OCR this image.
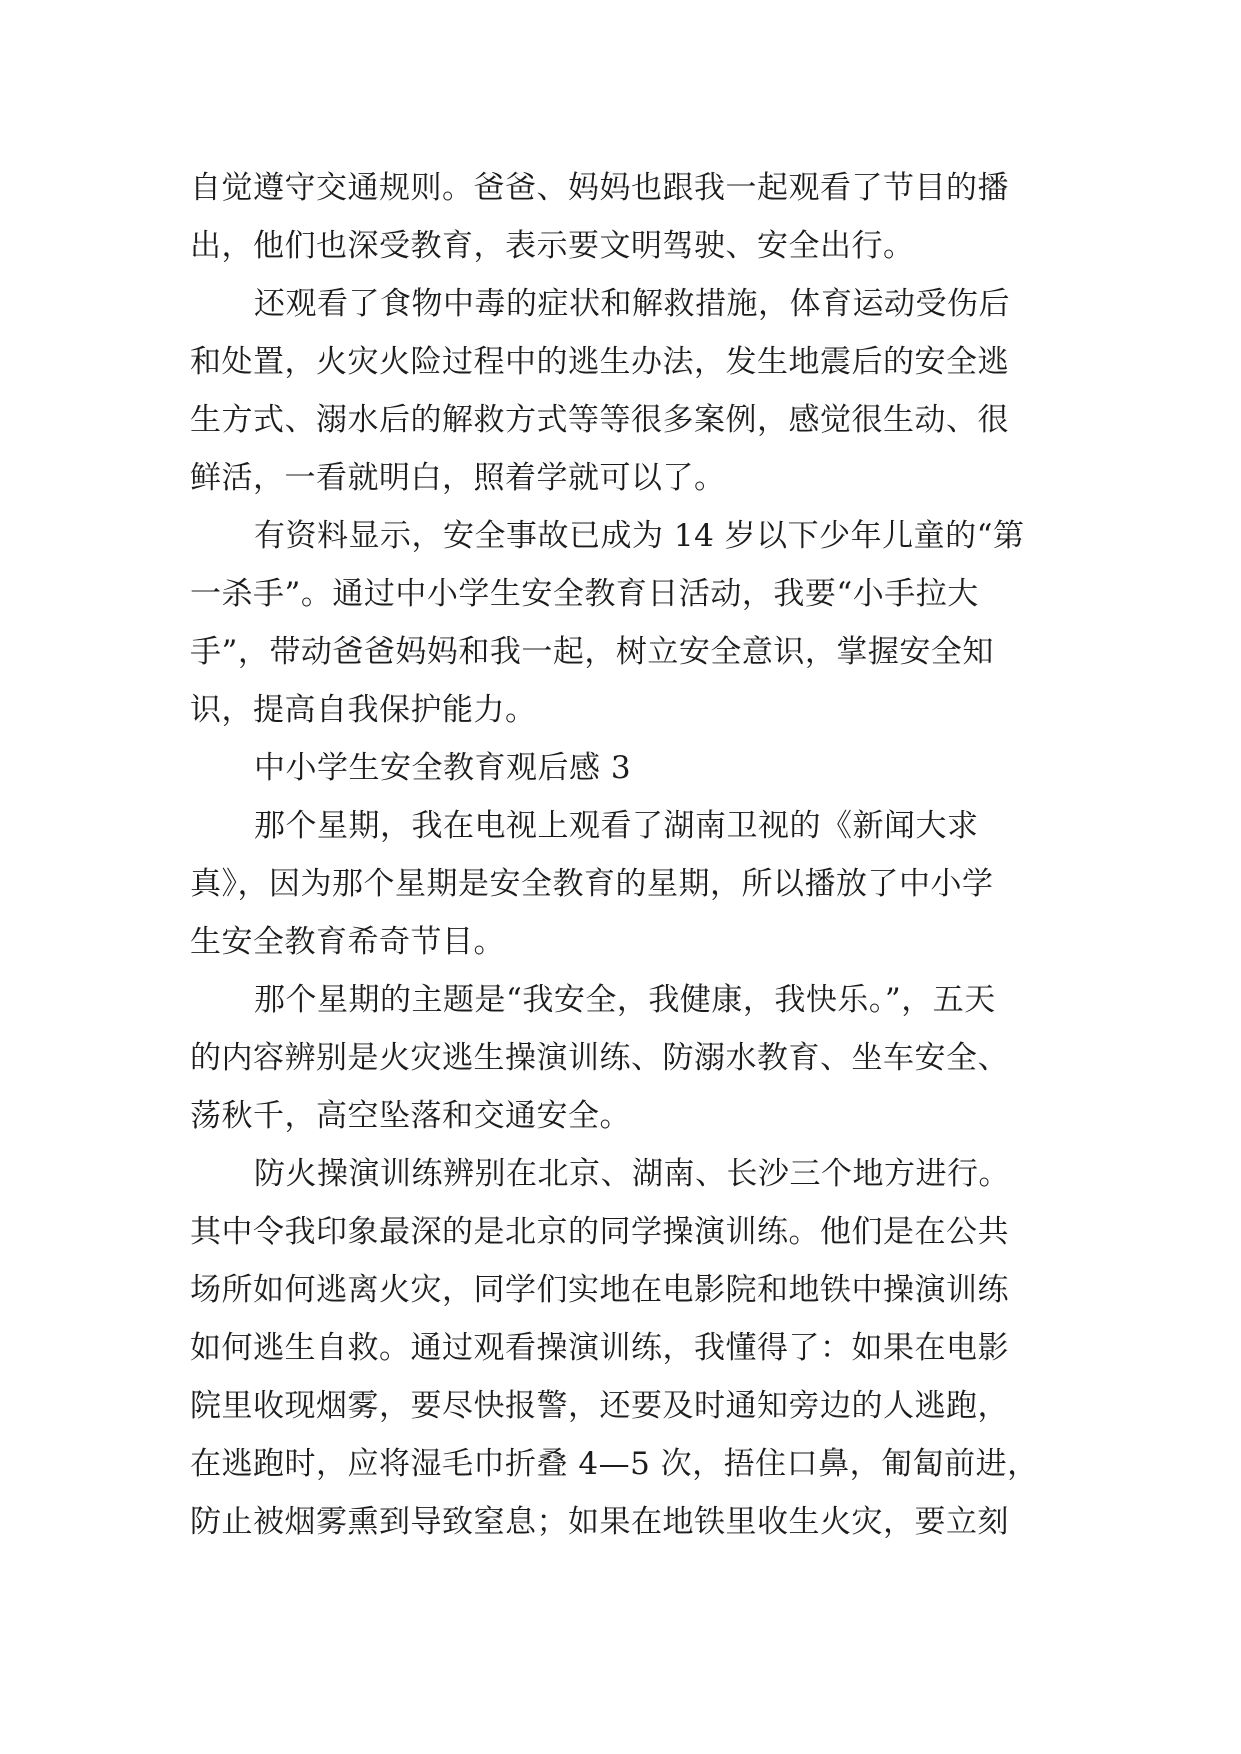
自觉遵守交通规则。爸爸、妈妈也跟我一起观看了节目的播
出，他们也深受教育，表示要文明驾驶、安全出行。
还观看了食物中毒的症状和解救措施，体育运动受伤后
和处置，火灾火险过程中的逃生办法，发生地震后的安全逃
生方式、溺水后的解救方式等等很多案例，感觉很生动、很
鲜活，一看就明白，照着学就可以了。
有资料显示，安全事故已成为 14 岁以下少年儿童的“第
一杀手”。通过中小学生安全教育日活动，我要“小手拉大
手”，带动爸爸妈妈和我一起，树立安全意识，掌握安全知
识，提高自我保护能力。
中小学生安全教育观后感 3
那个星期，我在电视上观看了湖南卫视的《新闻大求
真》，因为那个星期是安全教育的星期，所以播放了中小学
生安全教育希奇节目。
那个星期的主题是“我安全，我健康，我快乐。”，五天
的内容辨别是火灾逃生操演训练、防溺水教育、坐车安全、
荡秋千，高空坠落和交通安全。
防火操演训练辨别在北京、湖南、长沙三个地方进行。
其中令我印象最深的是北京的同学操演训练。他们是在公共
场所如何逃离火灾，同学们实地在电影院和地铁中操演训练
如何逃生自救。通过观看操演训练，我懂得了：如果在电影
院里收现烟雾，要尽快报警，还要及时通知旁边的人逃跑，
在逃跑时，应将湿毛巾折叠 4—5 次，捂住口鼻，匍匐前进，
防止被烟雾熏到导致窒息；如果在地铁里收生火灾，要立刻
